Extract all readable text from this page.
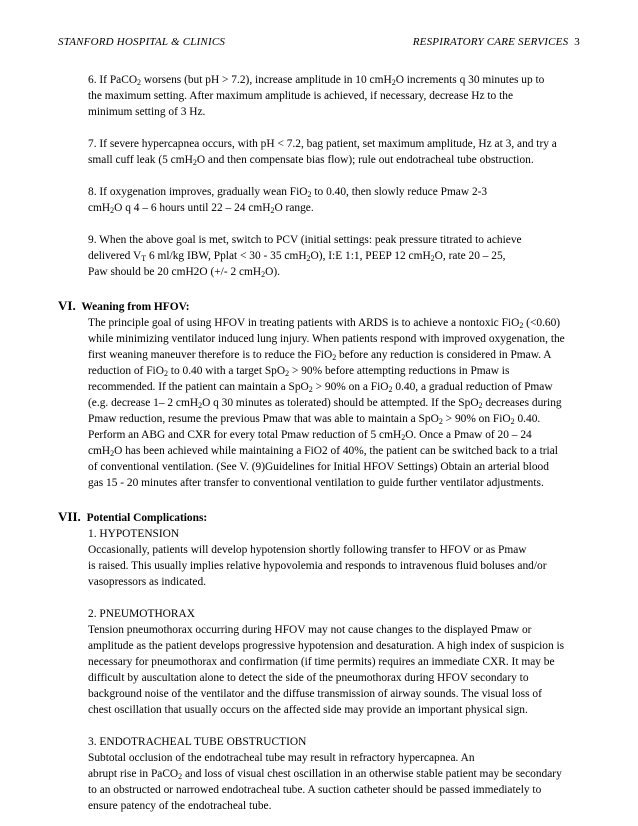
STANFORD HOSPITAL & CLINICS	RESPIRATORY CARE SERVICES 3

6. If PaCO$_2$ worsens (but pH > 7.2), increase amplitude in 10 cmH$_2$O increments q 30 minutes up to

the maximum setting. After maximum amplitude is achieved, if necessary, decrease Hz to the

minimum setting of 3 Hz.

7. If severe hypercapnea occurs, with pH < 7.2, bag patient, set maximum amplitude, Hz at 3, and try a

small cuff leak (5 cmH$_2$O and then compensate bias flow); rule out endotracheal tube obstruction.

8. If oxygenation improves, gradually wean FiO$_2$ to 0.40, then slowly reduce Pmaw 2-3

cmH$_2$O q 4 – 6 hours until 22 – 24 cmH$_2$O range.

9. When the above goal is met, switch to PCV (initial settings: peak pressure titrated to achieve

delivered $V_T$ 6 ml/kg IBW, Pplat < 30 - 35 cmH$_2$O), I:E 1:1, PEEP 12 cmH$_2$O, rate 20 – 25,

Paw should be 20 cmH2O (+/- 2 cmH$_2$O).

VI. Weaning from HFOV:

The principle goal of using HFOV in treating patients with ARDS is to achieve a nontoxic FiO$_2$ (<0.60)

while minimizing ventilator induced lung injury. When patients respond with improved oxygenation, the

first weaning maneuver therefore is to reduce the FiO$_2$ before any reduction is considered in Pmaw. A

reduction of FiO$_2$ to 0.40 with a target SpO$_2$ > 90% before attempting reductions in Pmaw is

recommended. If the patient can maintain a SpO$_2$ > 90% on a FiO$_2$ 0.40, a gradual reduction of Pmaw

(e.g. decrease 1– 2 cmH$_2$O q 30 minutes as tolerated) should be attempted. If the SpO$_2$ decreases during

Pmaw reduction, resume the previous Pmaw that was able to maintain a SpO$_2$ > 90% on FiO$_2$ 0.40.

Perform an ABG and CXR for every total Pmaw reduction of 5 cmH$_2$O. Once a Pmaw of 20 – 24

cmH$_2$O has been achieved while maintaining a FiO2 of 40%, the patient can be switched back to a trial

of conventional ventilation. (See V. (9)Guidelines for Initial HFOV Settings) Obtain an arterial blood

gas 15 - 20 minutes after transfer to conventional ventilation to guide further ventilator adjustments.

VII. Potential Complications:

1. HYPOTENSION

Occasionally, patients will develop hypotension shortly following transfer to HFOV or as Pmaw

is raised. This usually implies relative hypovolemia and responds to intravenous fluid boluses and/or

vasopressors as indicated.

2. PNEUMOTHORAX

Tension pneumothorax occurring during HFOV may not cause changes to the displayed Pmaw or

amplitude as the patient develops progressive hypotension and desaturation. A high index of suspicion is

necessary for pneumothorax and confirmation (if time permits) requires an immediate CXR. It may be

difficult by auscultation alone to detect the side of the pneumothorax during HFOV secondary to

background noise of the ventilator and the diffuse transmission of airway sounds. The visual loss of

chest oscillation that usually occurs on the affected side may provide an important physical sign.

3. ENDOTRACHEAL TUBE OBSTRUCTION

Subtotal occlusion of the endotracheal tube may result in refractory hypercapnea. An

abrupt rise in PaCO$_2$ and loss of visual chest oscillation in an otherwise stable patient may be secondary

to an obstructed or narrowed endotracheal tube. A suction catheter should be passed immediately to

ensure patency of the endotracheal tube.
